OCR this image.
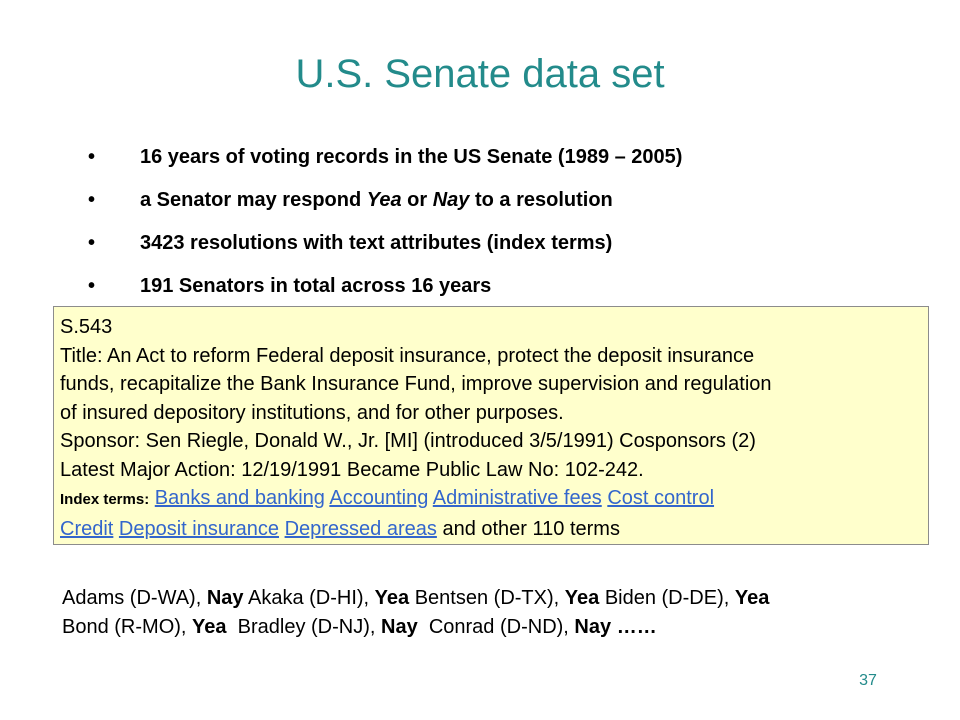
U.S. Senate data set
•
16 years of voting records in the US Senate (1989 – 2005)
•
a Senator may respond Yea or Nay to a resolution
•
3423 resolutions with text attributes (index terms)
•
191 Senators in total across 16 years
S.543
Title: An Act to reform Federal deposit insurance, protect the deposit insurance
funds, recapitalize the Bank Insurance Fund, improve supervision and regulation
of insured depository institutions, and for other purposes.
Sponsor: Sen Riegle, Donald W., Jr. [MI] (introduced 3/5/1991) Cosponsors (2)
Latest Major Action: 12/19/1991 Became Public Law No: 102-242.
Index terms: Banks and banking Accounting Administrative fees Cost control
Credit Deposit insurance Depressed areas and other 110 terms
Adams (D-WA), Nay Akaka (D-HI), Yea Bentsen (D-TX), Yea Biden (D-DE), Yea
Bond (R-MO), Yea Bradley (D-NJ), Nay Conrad (D-ND), Nay ……
37
